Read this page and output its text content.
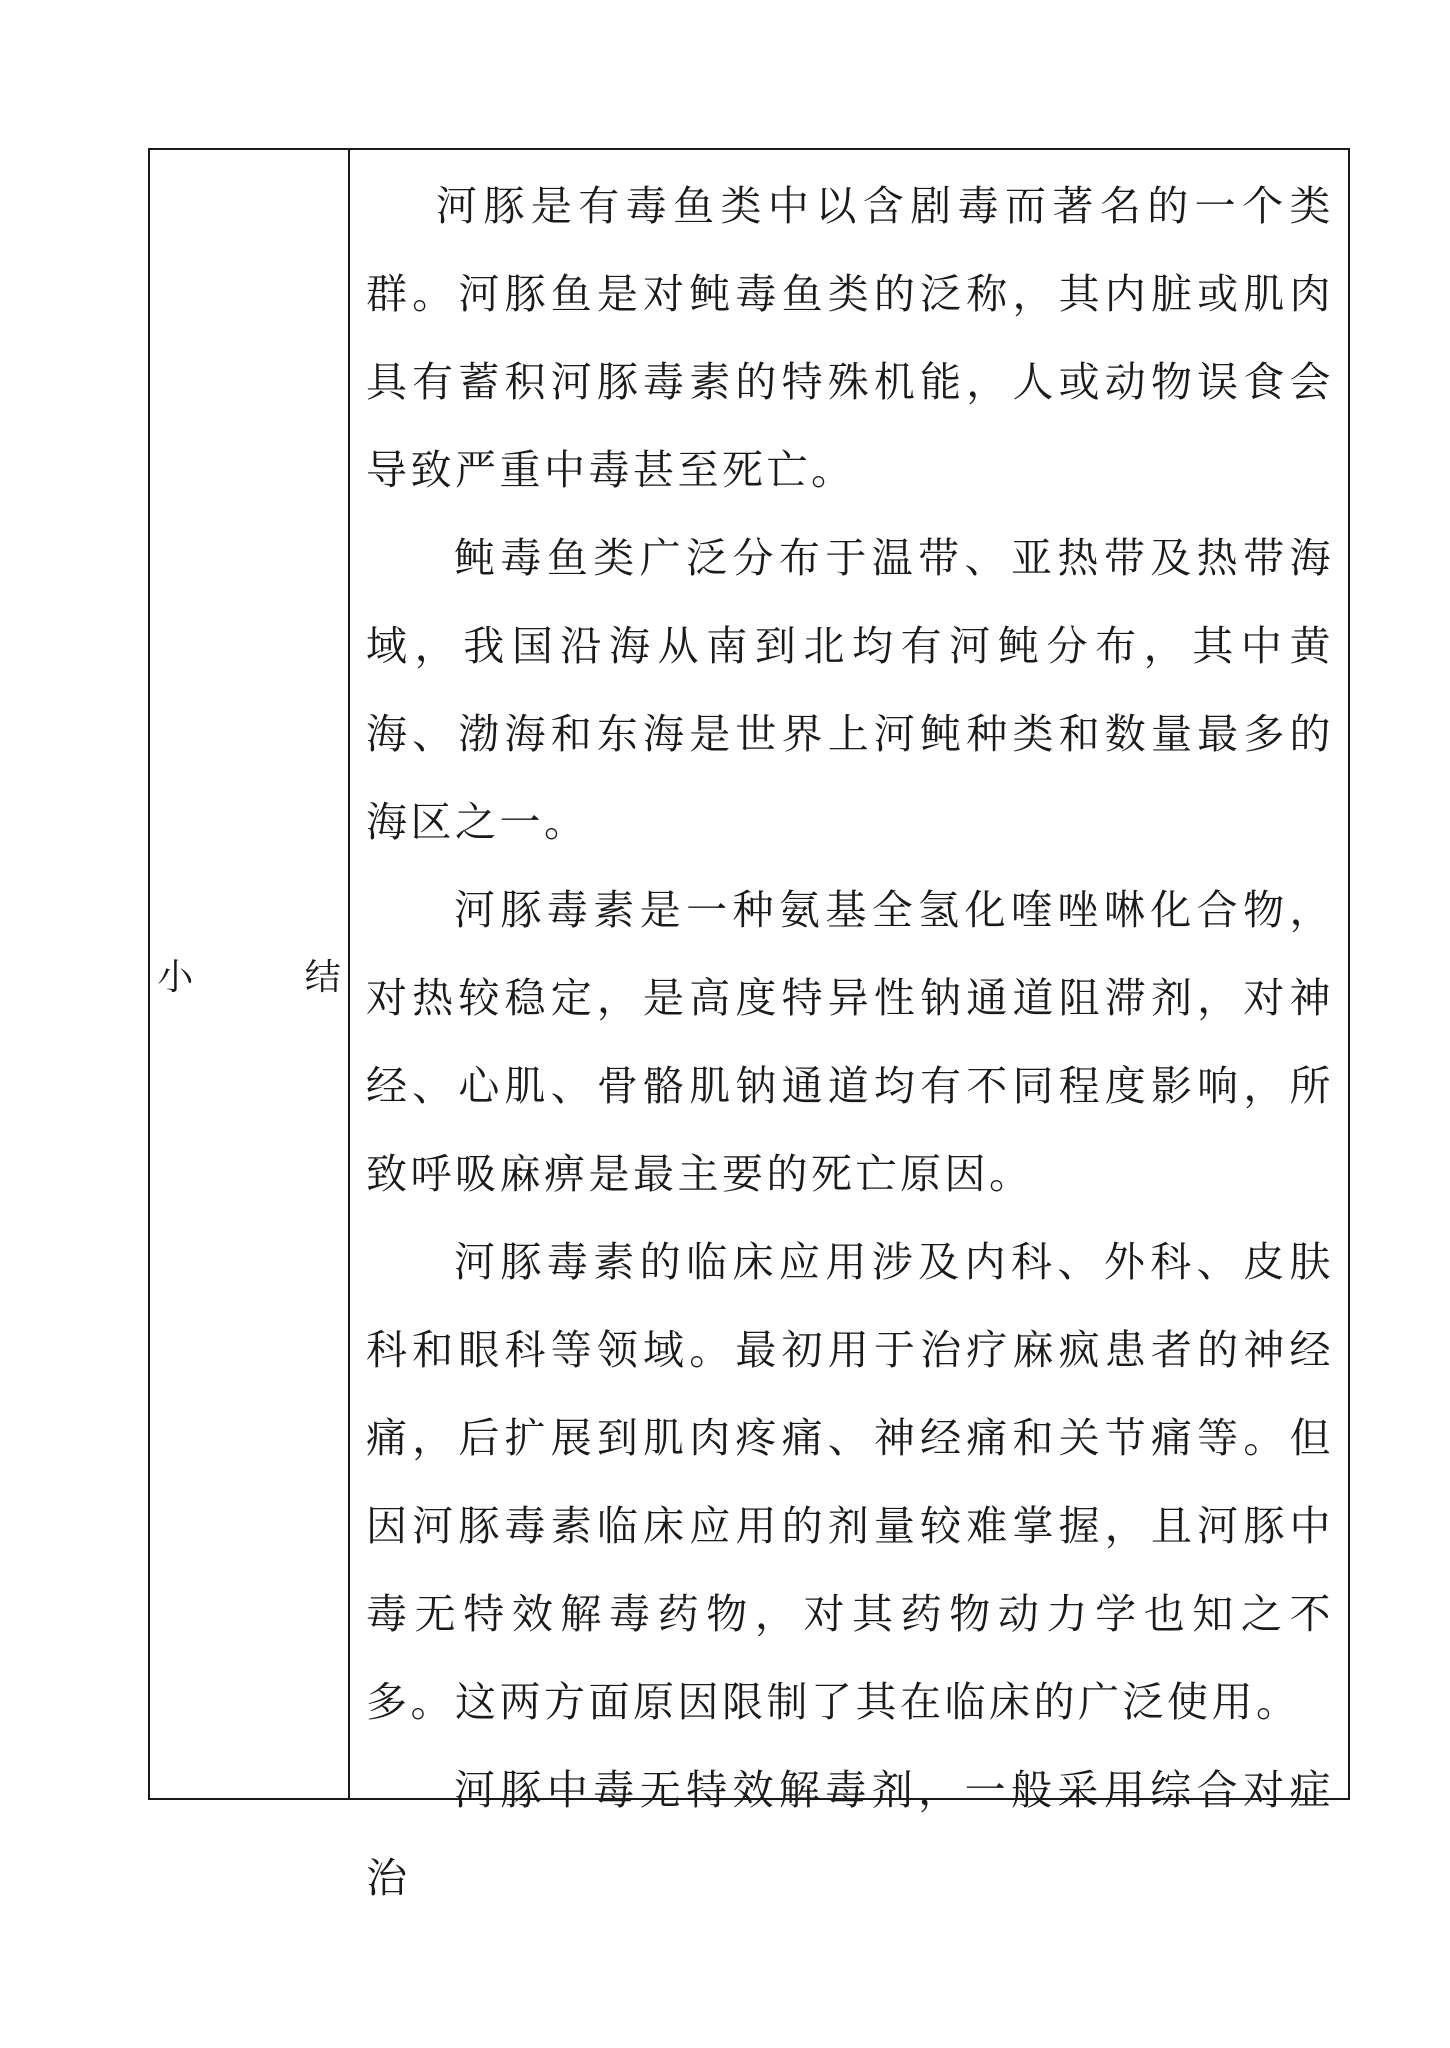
小 结

河豚是有毒鱼类中以含剧毒而著名的一个类群。河豚鱼是对鲀毒鱼类的泛称，其内脏或肌肉具有蓄积河豚毒素的特殊机能，人或动物误食会导致严重中毒甚至死亡。

鲀毒鱼类广泛分布于温带、亚热带及热带海域，我国沿海从南到北均有河鲀分布，其中黄海、渤海和东海是世界上河鲀种类和数量最多的海区之一。

河豚毒素是一种氨基全氢化喹唑啉化合物，对热较稳定，是高度特异性钠通道阻滞剂，对神经、心肌、骨骼肌钠通道均有不同程度影响，所致呼吸麻痹是最主要的死亡原因。

河豚毒素的临床应用涉及内科、外科、皮肤科和眼科等领域。最初用于治疗麻疯患者的神经痛，后扩展到肌肉疼痛、神经痛和关节痛等。但因河豚毒素临床应用的剂量较难掌握，且河豚中毒无特效解毒药物，对其药物动力学也知之不多。这两方面原因限制了其在临床的广泛使用。

河豚中毒无特效解毒剂，一般采用综合对症治
